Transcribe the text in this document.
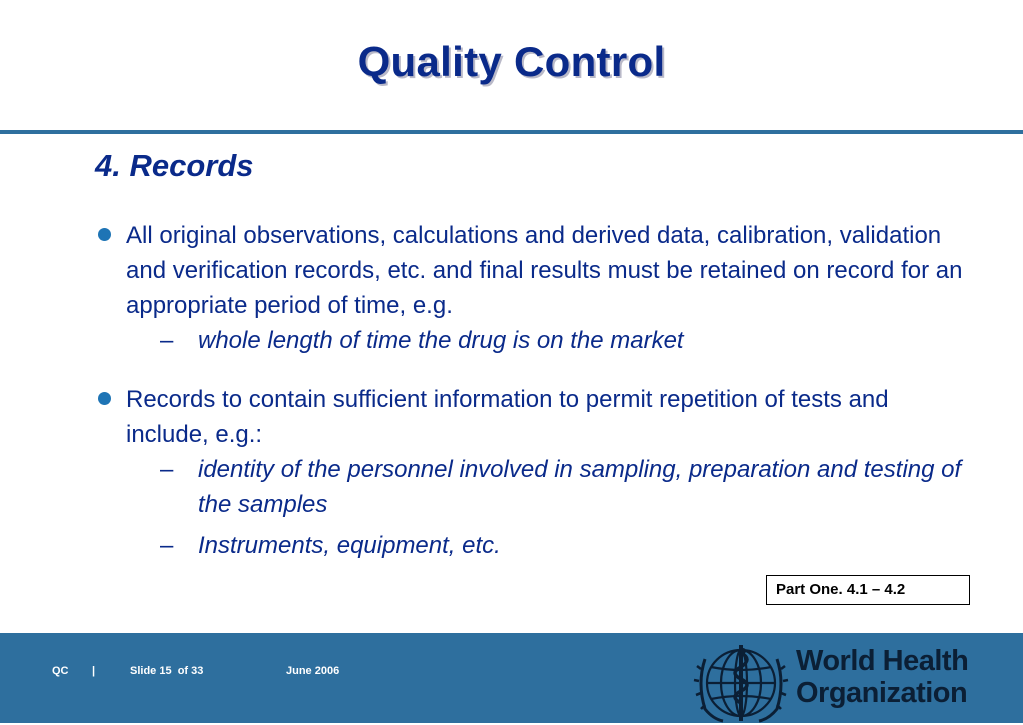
Quality Control
4. Records
All original observations, calculations and derived data, calibration, validation and verification records, etc. and final results must be retained on record for an appropriate period of time, e.g.
– whole length of time the drug is on the market
Records to contain sufficient information to permit repetition of tests and include, e.g.:
– identity of the personnel involved in sampling, preparation and testing of the samples
– Instruments, equipment, etc.
Part One. 4.1 – 4.2
QC |	Slide 15  of 33	June 2006	World Health
Organization
